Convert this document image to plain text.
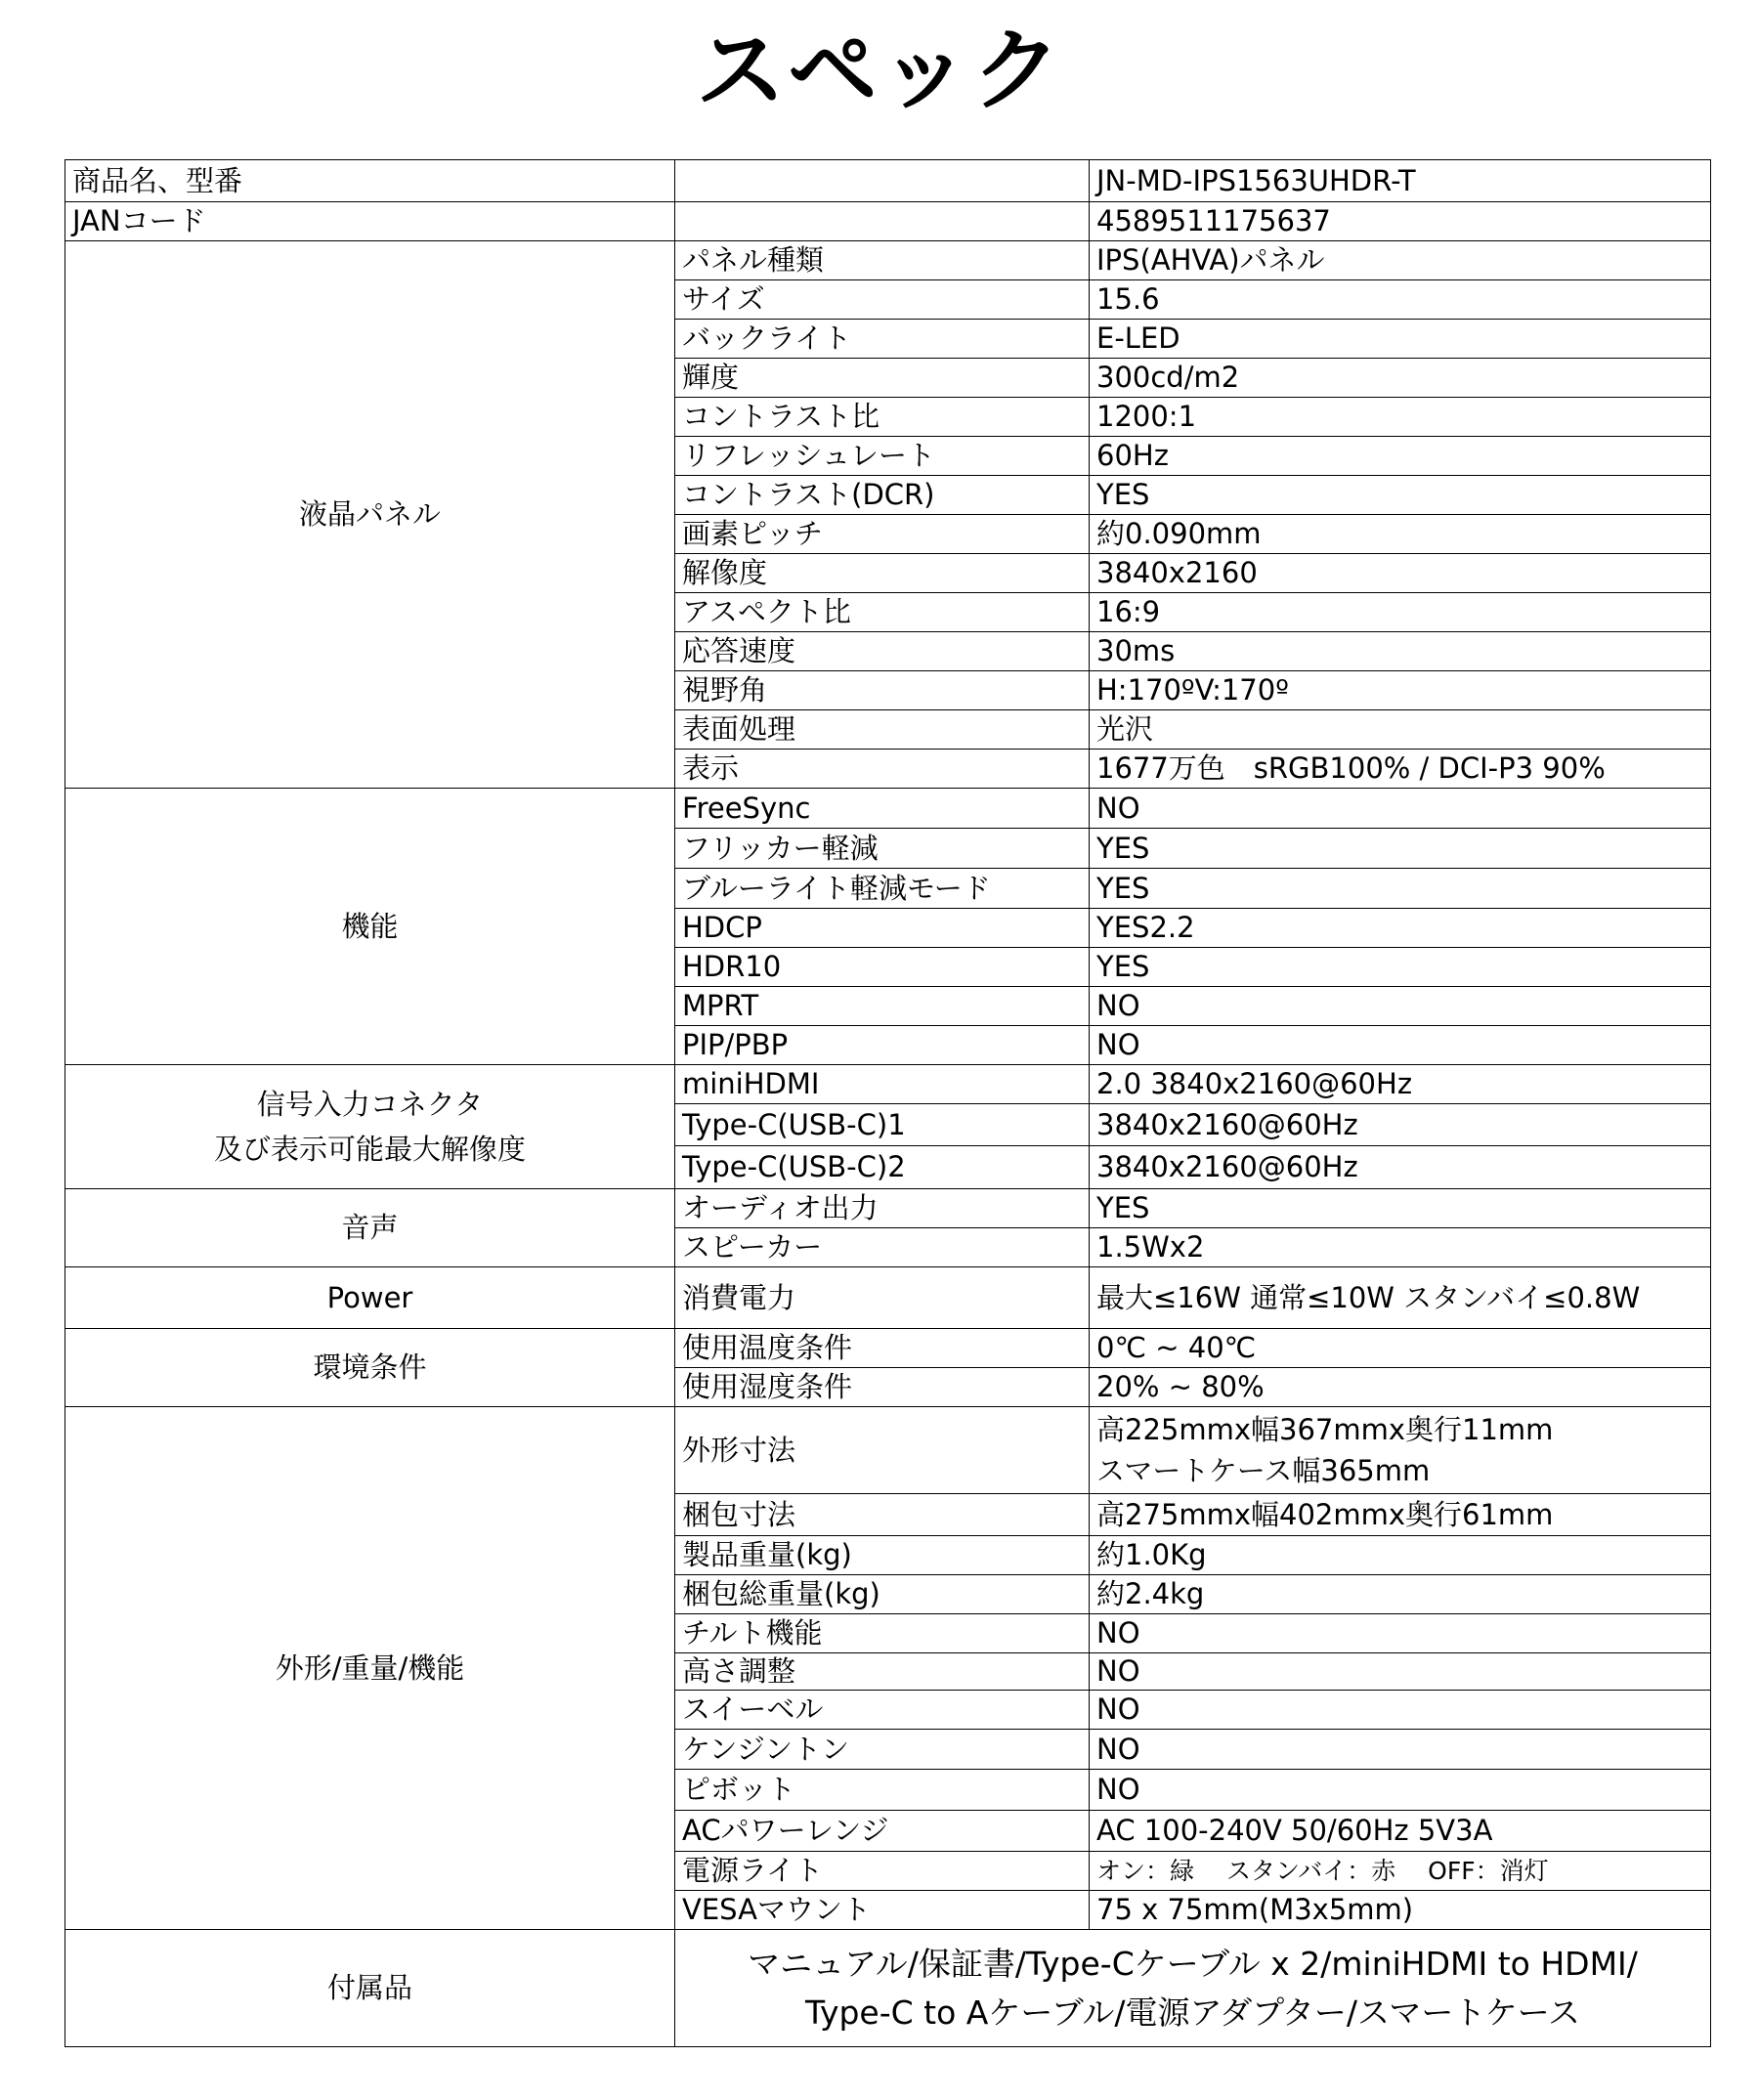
スペック
商品名、型番		JN-MD-IPS1563UHDR-T
JANコード		4589511175637
液晶パネル	パネル種類	IPS(AHVA)パネル
	サイズ	15.6
	バックライト	E-LED
	輝度	300cd/m2
	コントラスト比	1200:1
	リフレッシュレート	60Hz
	コントラスト(DCR)	YES
	画素ピッチ	約0.090mm
	解像度	3840x2160
	アスペクト比	16:9
	応答速度	30ms
	視野角	H:170ºV:170º
	表面処理	光沢
	表示	1677万色　sRGB100% / DCI-P3 90%
機能	FreeSync	NO
	フリッカー軽減	YES
	ブルーライト軽減モード	YES
	HDCP	YES2.2
	HDR10	YES
	MPRT	NO
	PIP/PBP	NO

信号入力コネクタ
及び表示可能最大解像度	miniHDMI	2.0 3840x2160@60Hz
	Type-C(USB-C)1	3840x2160@60Hz
	Type-C(USB-C)2	3840x2160@60Hz
音声	オーディオ出力	YES
	スピーカー	1.5Wx2
Power	消費電力	最大≤16W 通常≤10W スタンバイ≤0.8W
環境条件	使用温度条件	0℃ ~ 40℃
	使用湿度条件	20% ~ 80%
外形/重量/機能	外形寸法	高225mmx幅367mmx奥行11mm
スマートケース幅365mm

	梱包寸法	高275mmx幅402mmx奥行61mm
	製品重量(kg)	約1.0Kg
	梱包総重量(kg)	約2.4kg
	チルト機能	NO
	高さ調整	NO
	スイーベル	NO
	ケンジントン	NO
	ピボット	NO
	ACパワーレンジ	AC 100-240V 50/60Hz 5V3A
	電源ライト	オン：緑　 スタンバイ：赤　 OFF：消灯
	VESAマウント	75 x 75mm(M3x5mm)
付属品	マニュアル/保証書/Type-Cケーブル x 2/miniHDMI to HDMI/
Type-C to Aケーブル/電源アダプター/スマートケース	
